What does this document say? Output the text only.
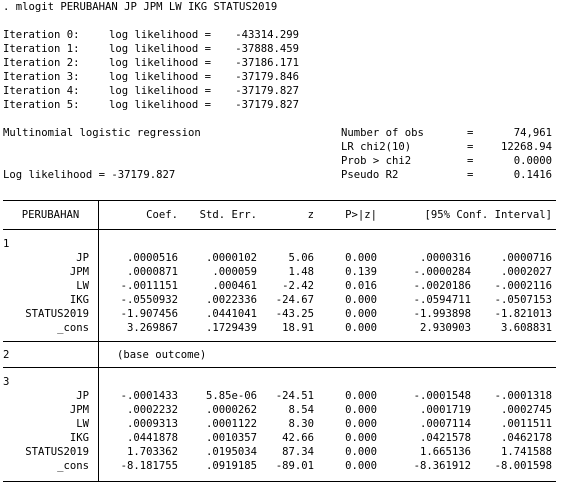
. mlogit PERUBAHAN JP JPM LW IKG STATUS2019
Iteration 0:	log likelihood =	-43314.299
Iteration 1:	log likelihood =	-37888.459
Iteration 2:	log likelihood =	-37186.171
Iteration 3:	log likelihood =	-37179.846
Iteration 4:	log likelihood =	-37179.827
Iteration 5:	log likelihood =	-37179.827
Multinomial logistic regression	Number of obs	=	74,961
LR chi2(10)	=	12268.94
Prob > chi2	=	0.0000
Pseudo R2	=	0.1416
Log likelihood = -37179.827
PERUBAHAN	Coef.	Std. Err.	z	P>|z|	[95% Conf. Interval]
1
JP	.0000516	.0000102	5.06	0.000	.0000316	.0000716
JPM	.0000871	.000059	1.48	0.139	-.0000284	.0002027
LW	-.0011151	.000461	-2.42	0.016	-.0020186	-.0002116
IKG	-.0550932	.0022336	-24.67	0.000	-.0594711	-.0507153
STATUS2019	-1.907456	.0441041	-43.25	0.000	-1.993898	-1.821013
_cons	3.269867	.1729439	18.91	0.000	2.930903	3.608831
2	(base outcome)
3
JP	-.0001433	5.85e-06	-24.51	0.000	-.0001548	-.0001318
JPM	.0002232	.0000262	8.54	0.000	.0001719	.0002745
LW	.0009313	.0001122	8.30	0.000	.0007114	.0011511
IKG	.0441878	.0010357	42.66	0.000	.0421578	.0462178
STATUS2019	1.703362	.0195034	87.34	0.000	1.665136	1.741588
_cons	-8.181755	.0919185	-89.01	0.000	-8.361912	-8.001598
